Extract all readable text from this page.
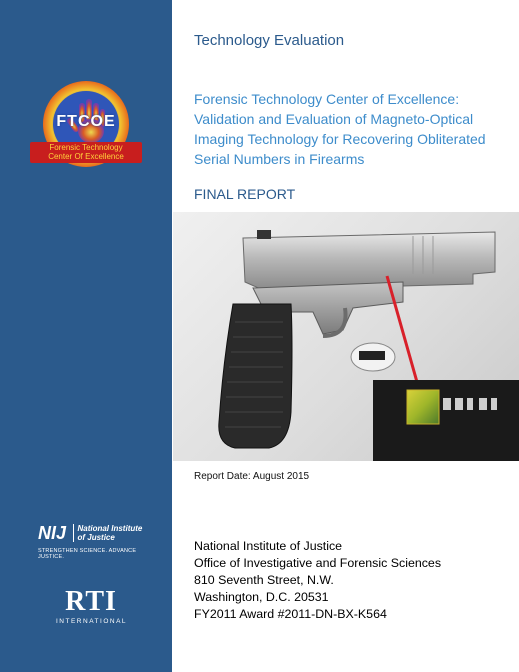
FTCOE
Forensic Technology
Center Of Excellence
NIJ National Institute
of Justice
STRENGTHEN SCIENCE. ADVANCE JUSTICE.
RTI
INTERNATIONAL
Technology Evaluation
Forensic Technology Center of Excellence:
Validation and Evaluation of Magneto-Optical
Imaging Technology for Recovering Obliterated
Serial Numbers in Firearms
FINAL REPORT
Report Date: August 2015
National Institute of Justice
Office of Investigative and Forensic Sciences
810 Seventh Street, N.W.
Washington, D.C. 20531
FY2011 Award #2011-DN-BX-K564
